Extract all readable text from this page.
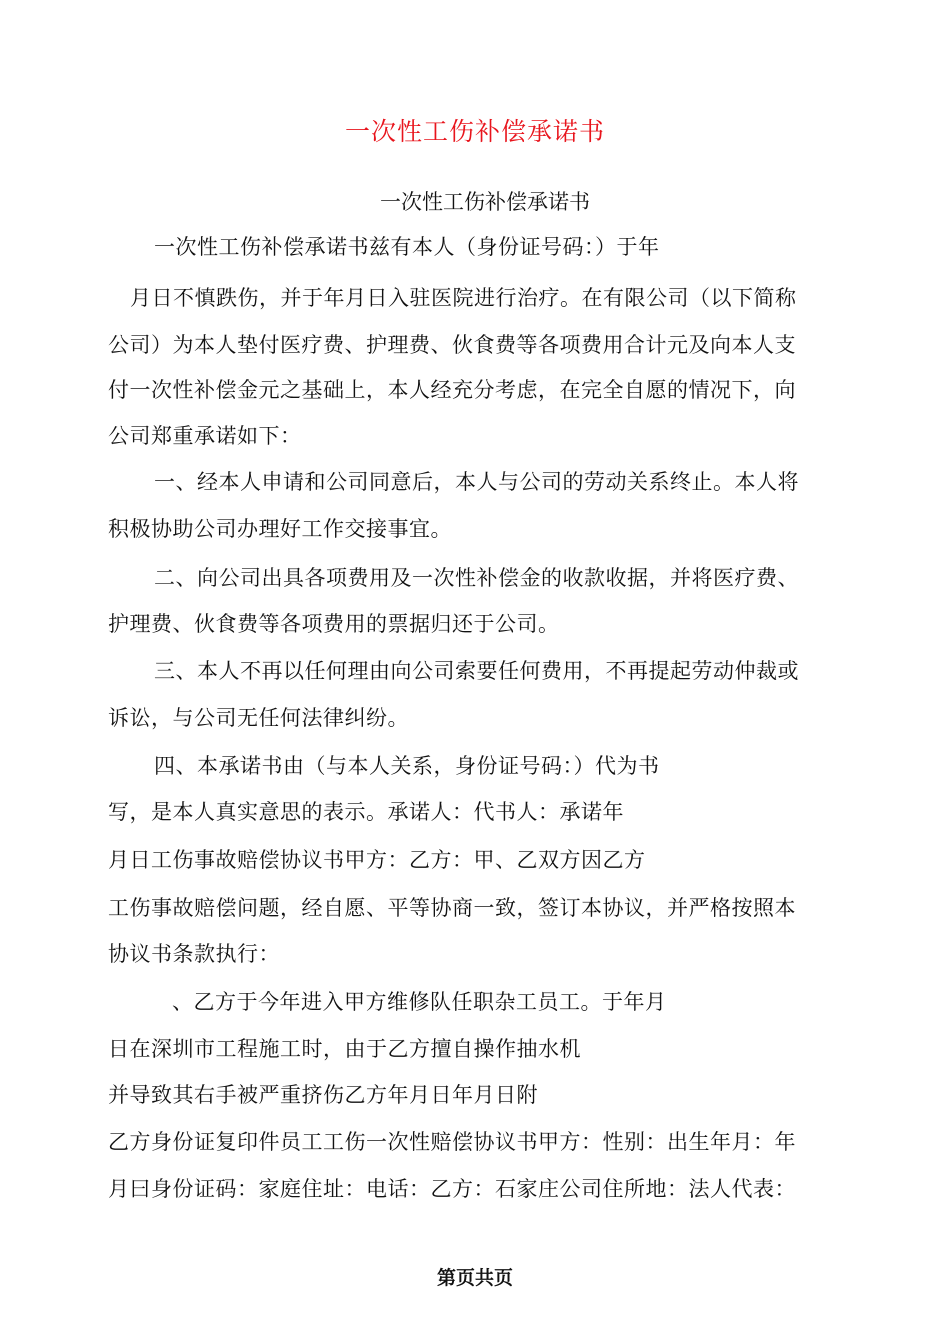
一次性工伤补偿承诺书
一次性工伤补偿承诺书
一次性工伤补偿承诺书兹有本人（身份证号码：）于年
月日不慎跌伤，并于年月日入驻医院进行治疗。在有限公司（以下简称
公司）为本人垫付医疗费、护理费、伙食费等各项费用合计元及向本人支
付一次性补偿金元之基础上，本人经充分考虑，在完全自愿的情况下，向
公司郑重承诺如下：
一、经本人申请和公司同意后，本人与公司的劳动关系终止。本人将
积极协助公司办理好工作交接事宜。
二、向公司出具各项费用及一次性补偿金的收款收据，并将医疗费、
护理费、伙食费等各项费用的票据归还于公司。
三、本人不再以任何理由向公司索要任何费用，不再提起劳动仲裁或
诉讼，与公司无任何法律纠纷。
四、本承诺书由（与本人关系，身份证号码：）代为书
写，是本人真实意思的表示。承诺人：代书人：承诺年
月日工伤事故赔偿协议书甲方：乙方：甲、乙双方因乙方
工伤事故赔偿问题，经自愿、平等协商一致，签订本协议，并严格按照本
协议书条款执行：
、乙方于今年进入甲方维修队任职杂工员工。于年月
日在深圳市工程施工时，由于乙方擅自操作抽水机
并导致其右手被严重挤伤乙方年月日年月日附
乙方身份证复印件员工工伤一次性赔偿协议书甲方：性别：出生年月：年
月曰身份证码：家庭住址：电话：乙方：石家庄公司住所地：法人代表：
第页共页
